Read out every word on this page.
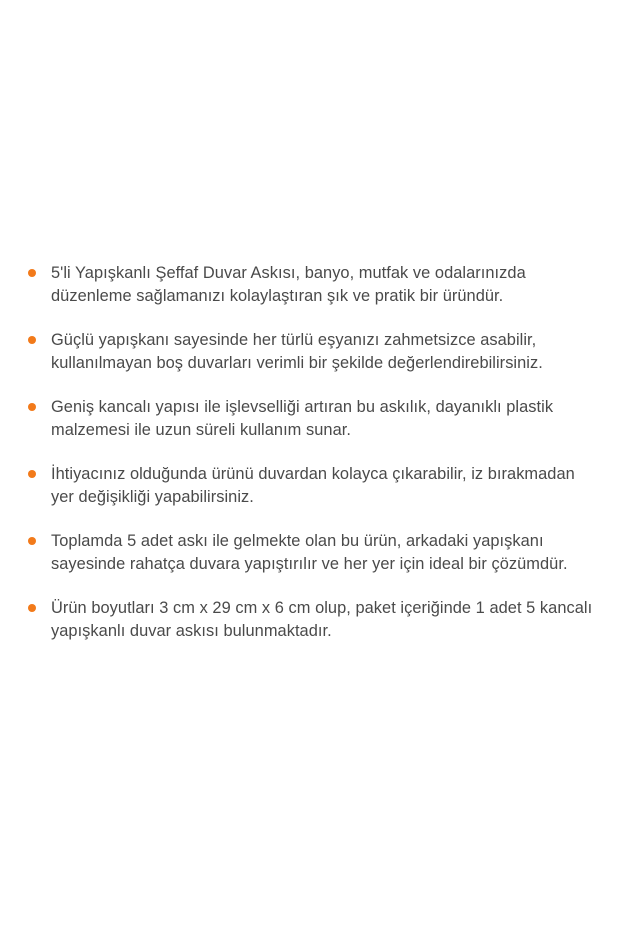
5'li Yapışkanlı Şeffaf Duvar Askısı, banyo, mutfak ve odalarınızda düzenleme sağlamanızı kolaylaştıran şık ve pratik bir üründür.
Güçlü yapışkanı sayesinde her türlü eşyanızı zahmetsizce asabilir, kullanılmayan boş duvarları verimli bir şekilde değerlendirebilirsiniz.
Geniş kancalı yapısı ile işlevselliği artıran bu askılık, dayanıklı plastik malzemesi ile uzun süreli kullanım sunar.
İhtiyacınız olduğunda ürünü duvardan kolayca çıkarabilir, iz bırakmadan yer değişikliği yapabilirsiniz.
Toplamda 5 adet askı ile gelmekte olan bu ürün, arkadaki yapışkanı sayesinde rahatça duvara yapıştırılır ve her yer için ideal bir çözümdür.
Ürün boyutları 3 cm x 29 cm x 6 cm olup, paket içeriğinde 1 adet 5 kancalı yapışkanlı duvar askısı bulunmaktadır.
